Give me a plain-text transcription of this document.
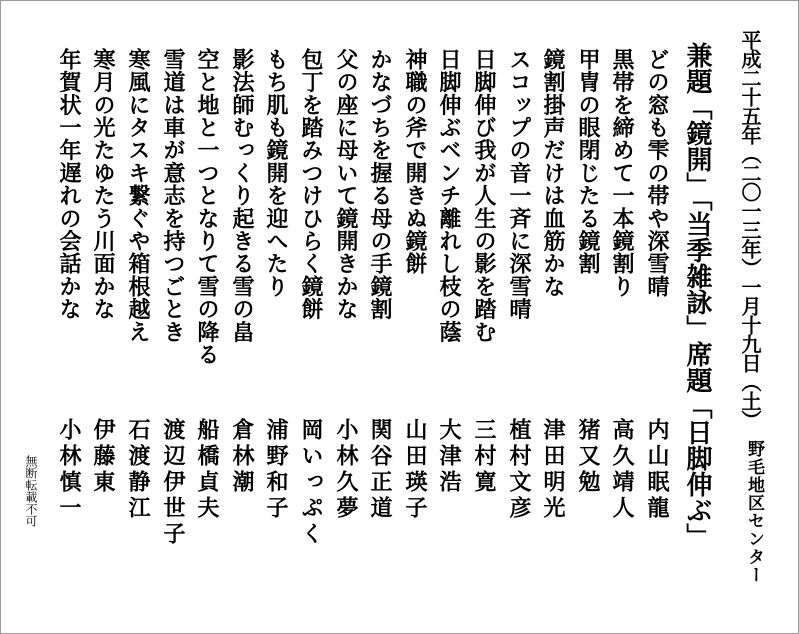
平成二十五年（二〇一三年）一月十九日（土）
野毛地区センター
兼題「鏡開」「当季雑詠」席題「日脚伸ぶ」
どの窓も雫の帯や深雪晴
内山眠龍
黒帯を締めて一本鏡割り
高久靖人
甲冑の眼閉じたる鏡割
猪又勉
鏡割掛声だけは血筋かな
津田明光
スコップの音一斉に深雪晴
植村文彦
日脚伸び我が人生の影を踏む
三村寛
日脚伸ぶベンチ離れし枝の蔭
大津浩
神職の斧で開きぬ鏡餅
山田瑛子
かなづちを握る母の手鏡割
関谷正道
父の座に母いて鏡開きかな
小林久夢
包丁を踏みつけひらく鏡餅
岡いっぷく
もち肌も鏡開を迎へたり
浦野和子
影法師むっくり起きる雪の畠
倉林潮
空と地と一つとなりて雪の降る
船橋貞夫
雪道は車が意志を持つごとき
渡辺伊世子
寒風にタスキ繋ぐや箱根越え
石渡静江
寒月の光たゆたう川面かな
伊藤東
年賀状一年遅れの会話かな
小林慎一
無断転載不可
